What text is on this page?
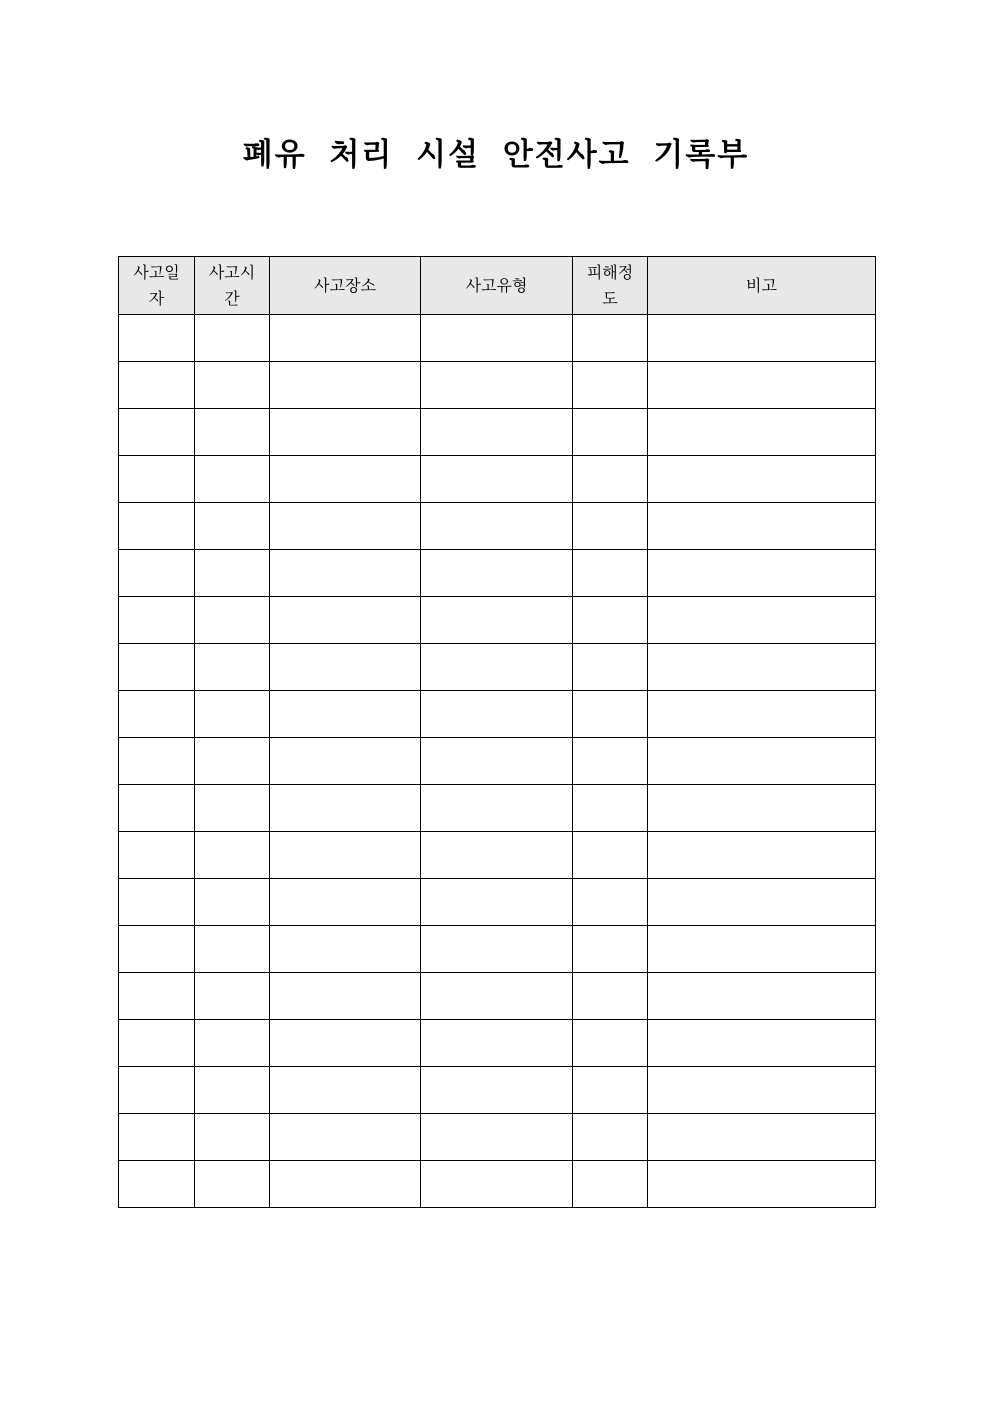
폐유 처리 시설 안전사고 기록부
사고일자	사고시간	사고장소	사고유형	피해정도	비고
